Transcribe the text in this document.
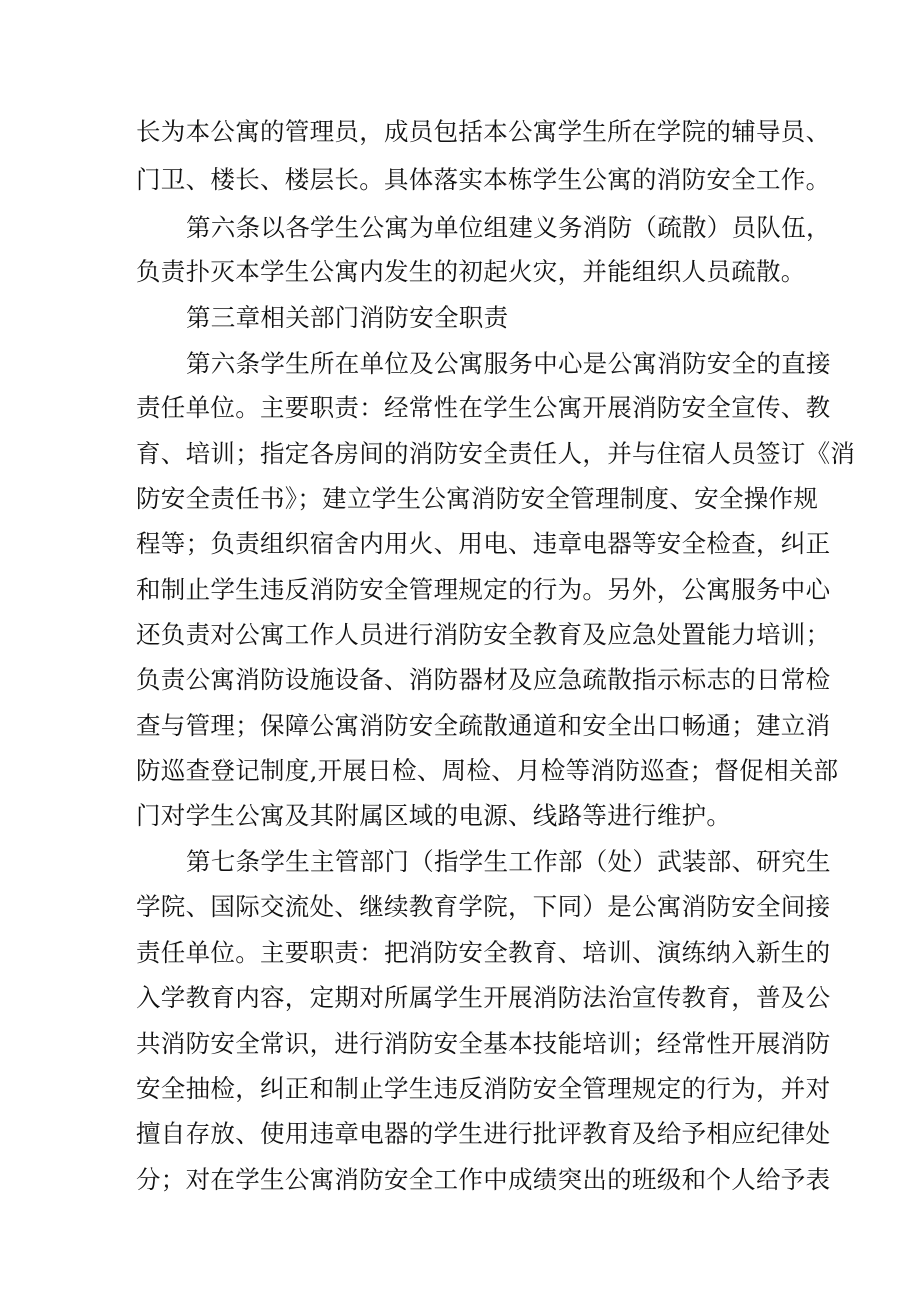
长为本公寓的管理员，成员包括本公寓学生所在学院的辅导员、
门卫、楼长、楼层长。具体落实本栋学生公寓的消防安全工作。
第六条以各学生公寓为单位组建义务消防（疏散）员队伍，
负责扑灭本学生公寓内发生的初起火灾，并能组织人员疏散。
第三章相关部门消防安全职责
第六条学生所在单位及公寓服务中心是公寓消防安全的直接
责任单位。主要职责：经常性在学生公寓开展消防安全宣传、教
育、培训；指定各房间的消防安全责任人，并与住宿人员签订《消
防安全责任书》；建立学生公寓消防安全管理制度、安全操作规
程等；负责组织宿舍内用火、用电、违章电器等安全检查，纠正
和制止学生违反消防安全管理规定的行为。另外，公寓服务中心
还负责对公寓工作人员进行消防安全教育及应急处置能力培训；
负责公寓消防设施设备、消防器材及应急疏散指示标志的日常检
查与管理；保障公寓消防安全疏散通道和安全出口畅通；建立消
防巡查登记制度,开展日检、周检、月检等消防巡查；督促相关部
门对学生公寓及其附属区域的电源、线路等进行维护。
第七条学生主管部门（指学生工作部（处）武装部、研究生
学院、国际交流处、继续教育学院，下同）是公寓消防安全间接
责任单位。主要职责：把消防安全教育、培训、演练纳入新生的
入学教育内容，定期对所属学生开展消防法治宣传教育，普及公
共消防安全常识，进行消防安全基本技能培训；经常性开展消防
安全抽检，纠正和制止学生违反消防安全管理规定的行为，并对
擅自存放、使用违章电器的学生进行批评教育及给予相应纪律处
分；对在学生公寓消防安全工作中成绩突出的班级和个人给予表
